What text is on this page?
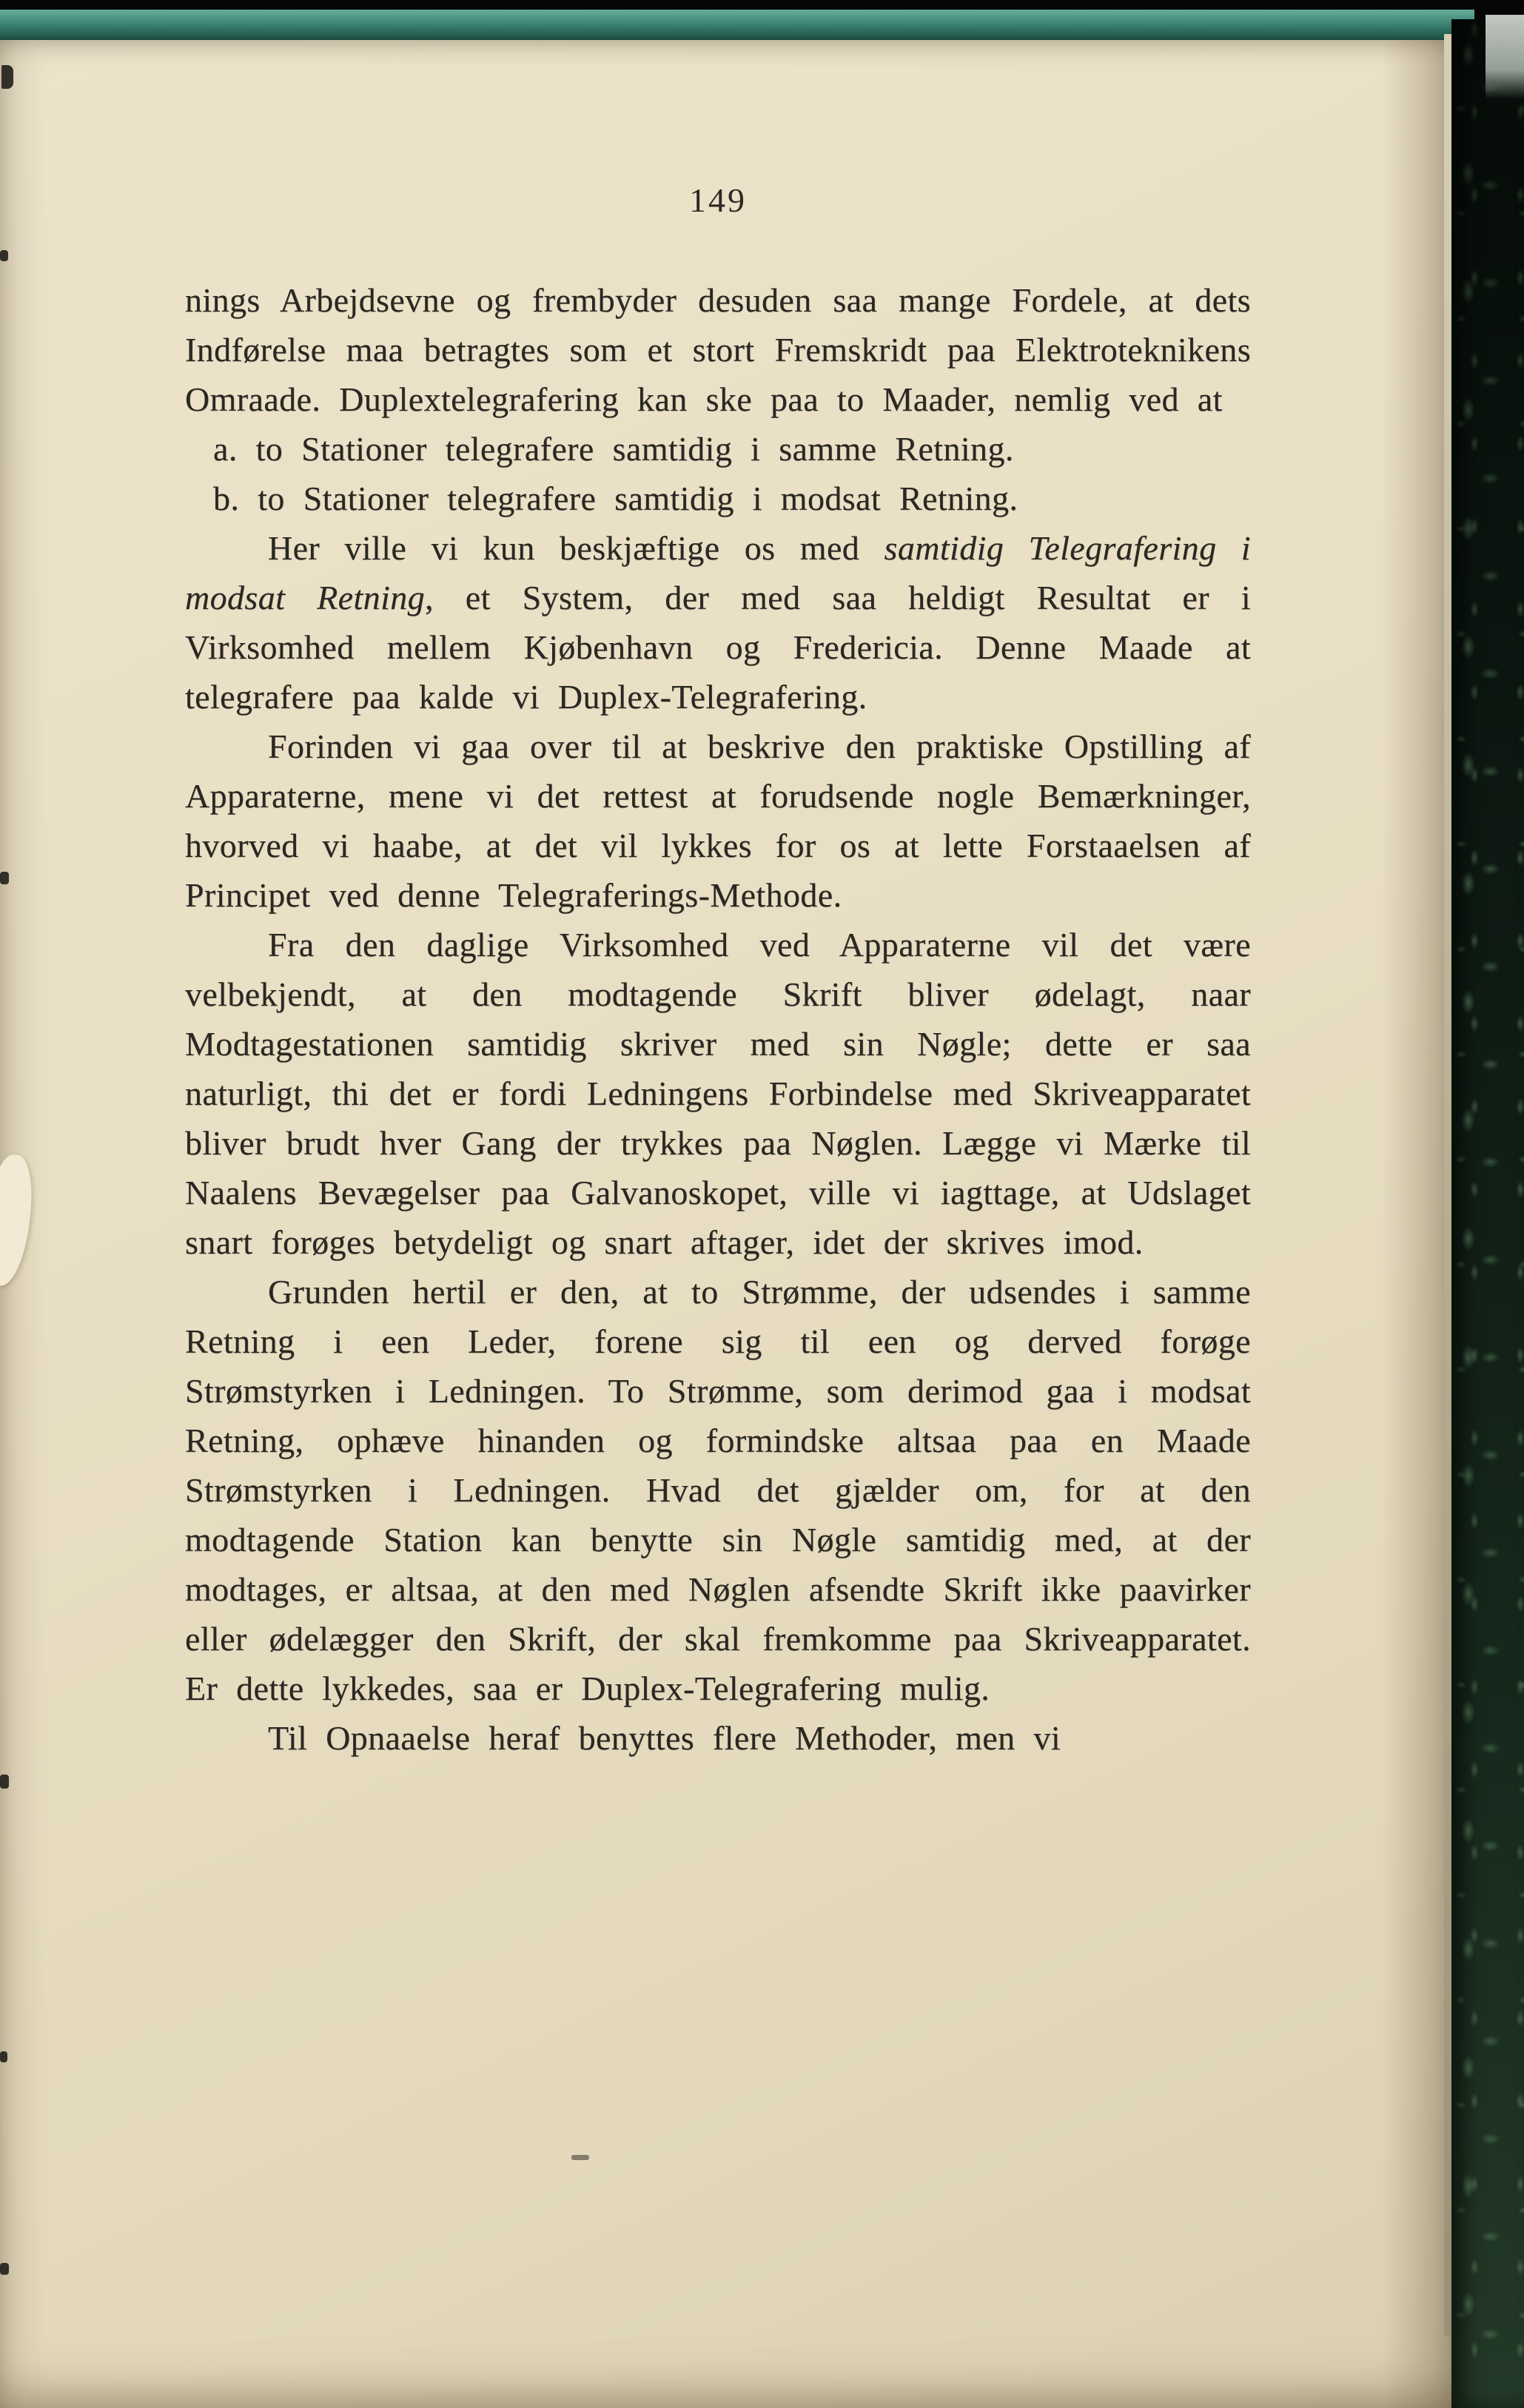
149

nings Arbejdsevne og frembyder desuden saa mange Fordele, at dets Indførelse maa betragtes som et stort Fremskridt paa Elektroteknikens Omraade. Duplextelegrafering kan ske paa to Maader, nemlig ved at

a. to Stationer telegrafere samtidig i samme Retning.

b. to Stationer telegrafere samtidig i modsat Retning.

Her ville vi kun beskjæftige os med samtidig Telegrafering i modsat Retning, et System, der med saa heldigt Resultat er i Virksomhed mellem Kjøbenhavn og Fredericia. Denne Maade at telegrafere paa kalde vi Duplex-Telegrafering.

Forinden vi gaa over til at beskrive den praktiske Opstilling af Apparaterne, mene vi det rettest at forudsende nogle Bemærkninger, hvorved vi haabe, at det vil lykkes for os at lette Forstaaelsen af Principet ved denne Telegraferings-Methode.

Fra den daglige Virksomhed ved Apparaterne vil det være velbekjendt, at den modtagende Skrift bliver ødelagt, naar Modtagestationen samtidig skriver med sin Nøgle; dette er saa naturligt, thi det er fordi Ledningens Forbindelse med Skriveapparatet bliver brudt hver Gang der trykkes paa Nøglen. Lægge vi Mærke til Naalens Bevægelser paa Galvanoskopet, ville vi iagttage, at Udslaget snart forøges betydeligt og snart aftager, idet der skrives imod.

Grunden hertil er den, at to Strømme, der udsendes i samme Retning i een Leder, forene sig til een og derved forøge Strømstyrken i Ledningen. To Strømme, som derimod gaa i modsat Retning, ophæve hinanden og formindske altsaa paa en Maade Strømstyrken i Ledningen. Hvad det gjælder om, for at den modtagende Station kan benytte sin Nøgle samtidig med, at der modtages, er altsaa, at den med Nøglen afsendte Skrift ikke paavirker eller ødelægger den Skrift, der skal fremkomme paa Skriveapparatet. Er dette lykkedes, saa er Duplex-Telegrafering mulig.

Til Opnaaelse heraf benyttes flere Methoder, men vi
